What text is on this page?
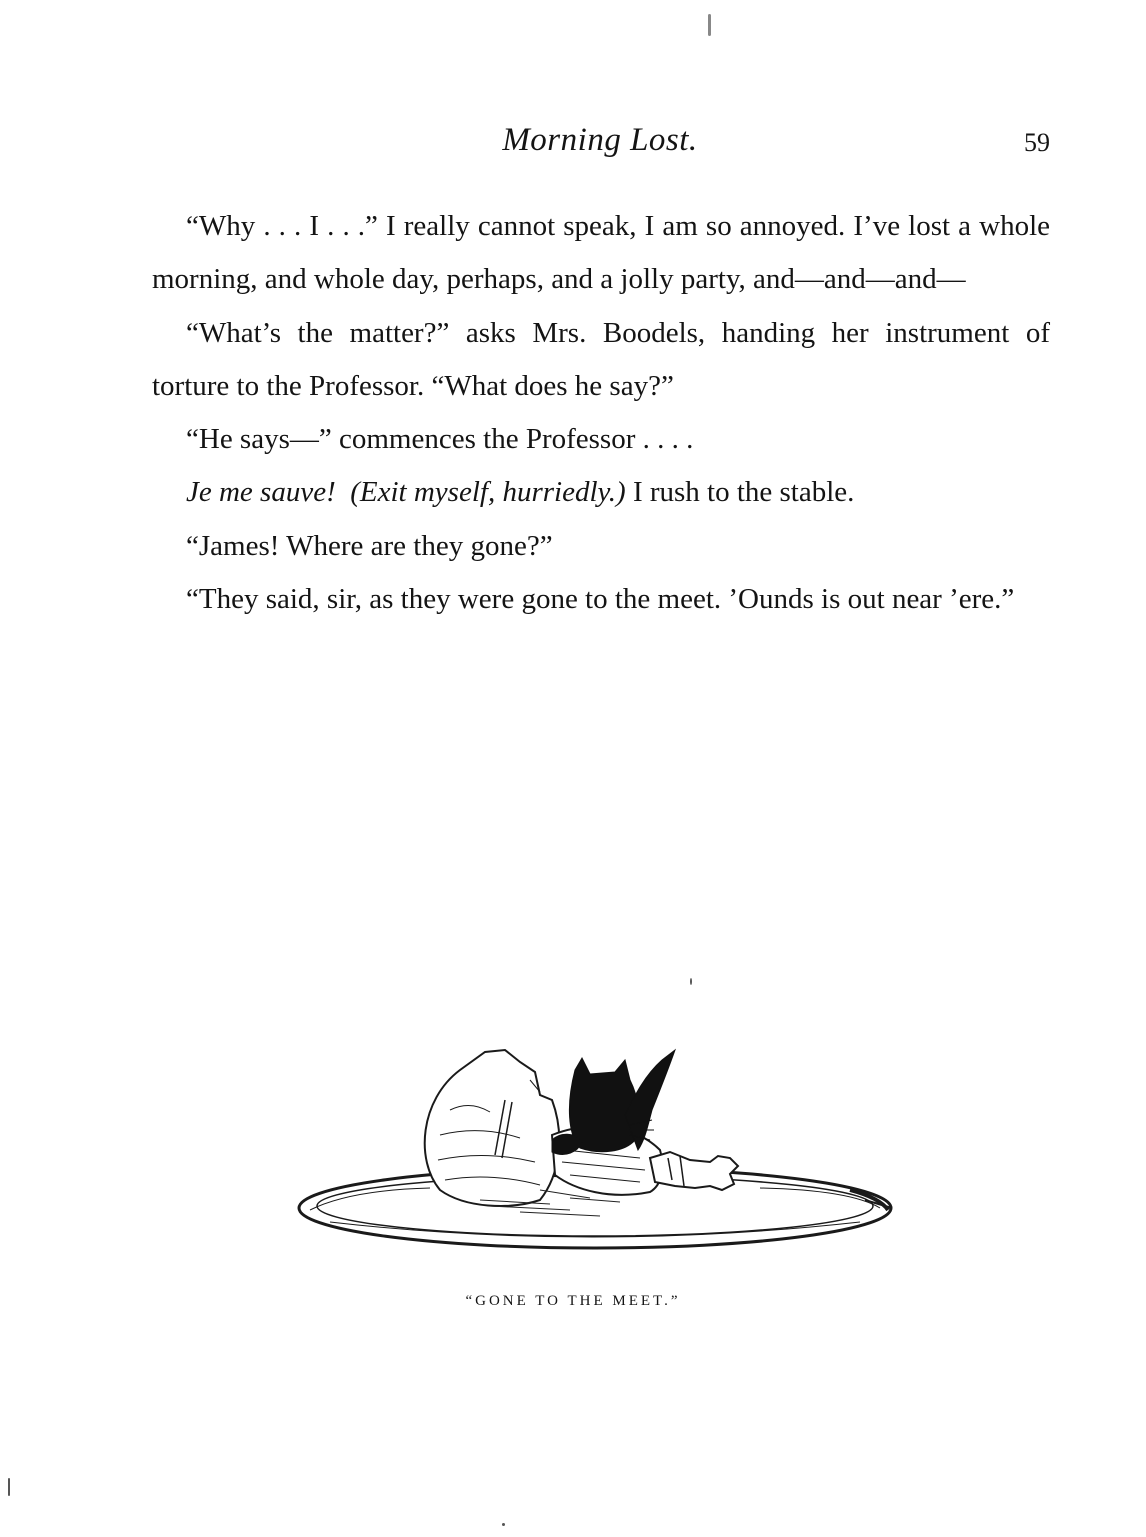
Morning Lost.	59

“Why . . . I . . .” I really cannot speak, I am so annoyed. I’ve lost a whole morning, and whole day, perhaps, and a jolly party, and—and—and—

“What’s the matter?” asks Mrs. Boodels, handing her instrument of torture to the Professor. “What does he say?”

“He says—” commences the Professor . . . .

Je me sauve! (Exit myself, hurriedly.) I rush to the stable.

“James! Where are they gone?”

“They said, sir, as they were gone to the meet. ’Ounds is out near ’ere.”

“GONE TO THE MEET.”
